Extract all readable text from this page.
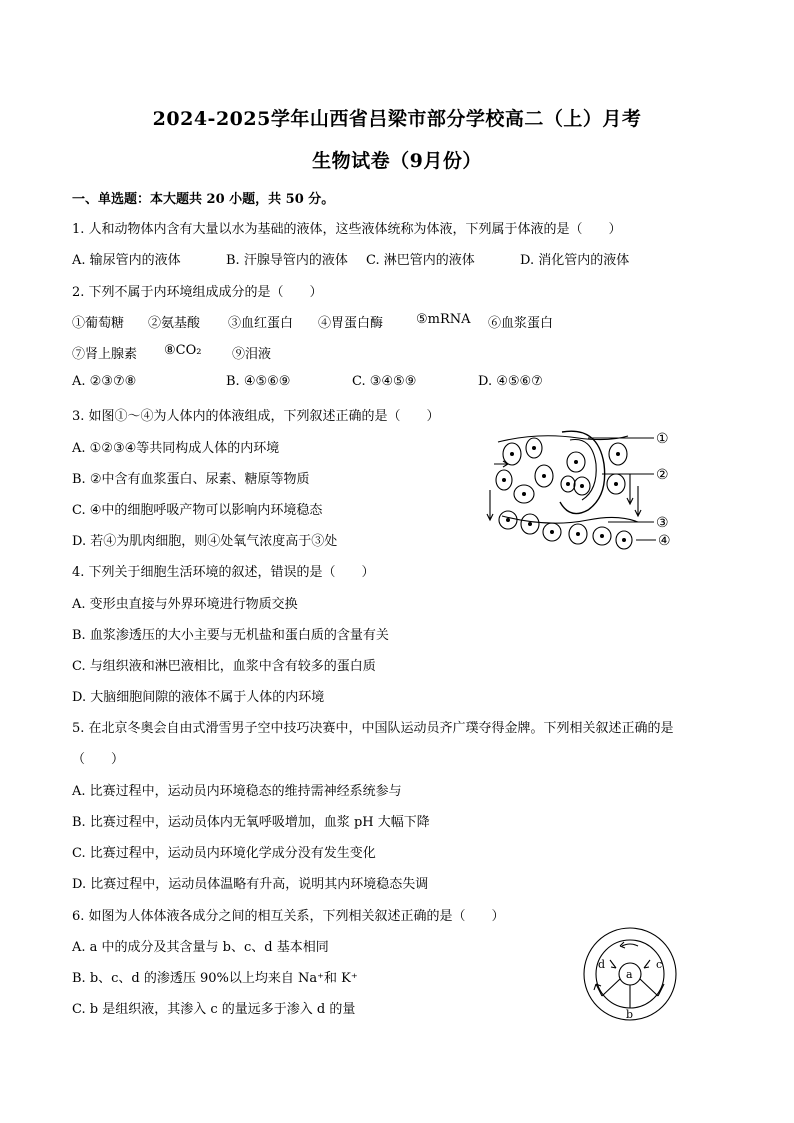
2024-2025学年山西省吕梁市部分学校高二（上）月考
生物试卷（9月份）
一、单选题：本大题共 20 小题，共 50 分。
1. 人和动物体内含有大量以水为基础的液体，这些液体统称为体液，下列属于体液的是（　　）
A. 输尿管内的液体	B. 汗腺导管内的液体 C. 淋巴管内的液体	D. 消化管内的液体
2. 下列不属于内环境组成成分的是（　　）
①葡萄糖 ②氨基酸 ③血红蛋白 ④胃蛋白酶	⑤mRNA ⑥血浆蛋白
⑦肾上腺素 ⑧CO₂ ⑨泪液
A. ②③⑦⑧	B. ④⑤⑥⑨	C. ③④⑤⑨	D. ④⑤⑥⑦
3. 如图①～④为人体内的体液组成，下列叙述正确的是（　　）
A. ①②③④等共同构成人体的内环境
B. ②中含有血浆蛋白、尿素、糖原等物质
C. ④中的细胞呼吸产物可以影响内环境稳态
D. 若④为肌肉细胞，则④处氧气浓度高于③处
①
②
③
④
4. 下列关于细胞生活环境的叙述，错误的是（　　）
A. 变形虫直接与外界环境进行物质交换
B. 血浆渗透压的大小主要与无机盐和蛋白质的含量有关
C. 与组织液和淋巴液相比，血浆中含有较多的蛋白质
D. 大脑细胞间隙的液体不属于人体的内环境
5. 在北京冬奥会自由式滑雪男子空中技巧决赛中，中国队运动员齐广璞夺得金牌。下列相关叙述正确的是
（　　）
A. 比赛过程中，运动员内环境稳态的维持需神经系统参与
B. 比赛过程中，运动员体内无氧呼吸增加，血浆 pH 大幅下降
C. 比赛过程中，运动员内环境化学成分没有发生变化
D. 比赛过程中，运动员体温略有升高，说明其内环境稳态失调
6. 如图为人体体液各成分之间的相互关系，下列相关叙述正确的是（　　）
A. a 中的成分及其含量与 b、c、d 基本相同
B. b、c、d 的渗透压 90%以上均来自 Na⁺和 K⁺
C. b 是组织液，其渗入 c 的量远多于渗入 d 的量
a
b
c
d
